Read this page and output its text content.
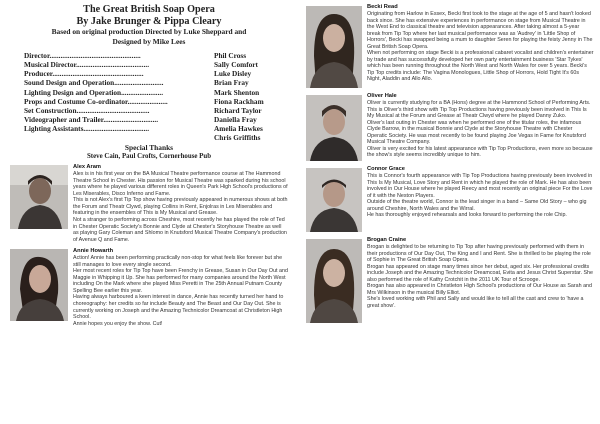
The Great British Soap Opera
By Jake Brunger & Pippa Cleary
Based on original production Directed by Luke Sheppard and
Designed by Mike Lees
Director..................................................	Phil Cross
Musical Director........................................	Sally Comfort
Producer..................................................	Luke Disley
Sound Design and Operation...........................	Brian Fray
Lighting Design and Operation.......................	Mark Shenton
Props and Costume Co-ordinator......................	Fiona Rackham
Set Construction........................................	Richard Taylor
Videographer and Trailer..............................	Daniella Fray
Lighting Assistants....................................	Amelia Hawkes
Chris Griffiths
Special Thanks
Steve Cain, Paul Crofts, Cornerhouse Pub
Alex Aram

Alex is in his first year on the BA Musical Theatre performance course at The Hammond Theatre School in Chester. His passion for Musical Theatre was sparked during his school years where he played various different roles in Queen's Park High School's productions of Les Miserables, Disco Inferno and Fame.

This is not Alex's first Tip Top show having previously appeared in numerous shows at both the Forum and Theatr Clywd, playing Collins in Rent, Enjolras in Les Miserables and featuring in the ensembles of This is My Musical and Grease.

Not a stranger to performing across Cheshire, most recently he has played the role of Ted in Chester Operatic Society's Bonnie and Clyde at Chester's Storyhouse Theatre as well as playing Gary Coleman and Shlomo in Knutsford Musical Theatre Company's production of Avenue Q and Fame.

Annie Howarth

Action! Annie has been performing practically non-stop for what feels like forever but she still manages to love every single second.

Her most recent roles for Tip Top have been Frenchy in Grease, Susan in Our Day Out and Maggie in Whipping it Up. She has performed for many companies around the North West including On the Mark where she played Miss Peretti in The 25th Annual Putnam County Spelling Bee earlier this year.

Having always harboured a keen interest in dance, Annie has recently turned her hand to choreography: her credits so far include Beauty and The Beast and Our Day Out. She is currently working on Joseph and the Amazing Technicolor Dreamcoat at Christleton High School.

Annie hopes you enjoy the show. Cut!

Becki Read

Originating from Harlow in Essex, Becki first took to the stage at the age of 5 and hasn't looked back since. She has extensive experiences in performance on stage from Musical Theatre in the West End to classical theatre and television appearances. After taking almost a 5-year break from Tip Top where her last musical performance was as 'Audrey' in 'Little Shop of Horrors', Becki has swapped being a mum to daughter Seren for playing the feisty Jenny in The Great British Soap Opera.

When not performing on stage Becki is a professional cabaret vocalist and children's entertainer by trade and has successfully developed her own party entertainment business 'Star Tykes' which has been running throughout the North West and North Wales for over 5 years. Becki's Tip Top credits include: The Vagina Monologues, Little Shop of Horrors, Hold Tight It's 60s Night, Aladdin and Allo Allo.

Oliver Hale

Oliver is currently studying for a BA (Hons) degree at the Hammond School of Performing Arts. This is Oliver's third show with Tip Top Productions having previously been involved in This Is My Musical at the Forum and Grease at Theatr Clwyd where he played Danny Zuko.

Oliver's last outing in Chester was when he performed one of the titular roles, the infamous Clyde Barrow, in the musical Bonnie and Clyde at the Storyhouse Theatre with Chester Operatic Society. He was most recently to be found playing Joe Vegas in Fame for Knutsford Musical Theatre Company.

Oliver is very excited for his latest appearance with Tip Top Productions, even more so because the show's style seems incredibly unique to him.

Connor Grace

This is Connor's fourth appearance with Tip Top Productions having previously been involved in This Is My Musical, Love Story and Rent in which he played the role of Mark. He has also been involved in Our House where he played Reecy and most recently an original piece For the Love of it with the Neston Players.

Outside of the theatre world, Connor is the lead singer in a band – Same Old Story – who gig around Cheshire, North Wales and the Wirral.

He has thoroughly enjoyed rehearsals and looks forward to performing the role Chip.

Brogan Craine

Brogan is delighted to be returning to Tip Top after having previously performed with them in their productions of Our Day Out, The King and I and Rent. She is thrilled to be playing the role of Sophie in The Great British Soap Opera.

Brogan has appeared on stage many times since her debut, aged six. Her professional credits include Joseph and the Amazing Technicolor Dreamcoat, Evita and Jesus Christ Superstar. She also performed the role of Kathy Crotchit in the 2011 UK Tour of Scrooge.

Brogan has also appeared in Christleton High School's productions of Our House as Sarah and Mrs Wilkinson in the musical Billy Elliot.

She's loved working with Phil and Sally and would like to tell all the cast and crew to 'have a great show'.
